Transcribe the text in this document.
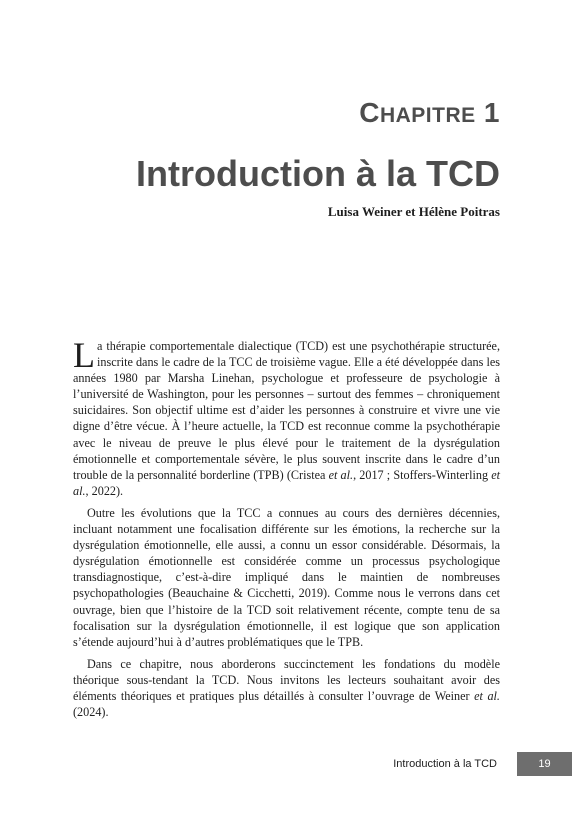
CHAPITRE 1
Introduction à la TCD
Luisa Weiner et Hélène Poitras

La thérapie comportementale dialectique (TCD) est une psychothérapie structurée, inscrite dans le cadre de la TCC de troisième vague. Elle a été développée dans les années 1980 par Marsha Linehan, psychologue et professeure de psychologie à l’université de Washington, pour les personnes – surtout des femmes – chroniquement suicidaires. Son objectif ultime est d’aider les personnes à construire et vivre une vie digne d’être vécue. À l’heure actuelle, la TCD est reconnue comme la psychothérapie avec le niveau de preuve le plus élevé pour le traitement de la dysrégulation émotionnelle et comportementale sévère, le plus souvent inscrite dans le cadre d’un trouble de la personnalité borderline (TPB) (Cristea et al., 2017 ; Stoffers-Winterling et al., 2022).

Outre les évolutions que la TCC a connues au cours des dernières décennies, incluant notamment une focalisation différente sur les émotions, la recherche sur la dysrégulation émotionnelle, elle aussi, a connu un essor considérable. Désormais, la dysrégulation émotionnelle est considérée comme un processus psychologique transdiagnostique, c’est-à-dire impliqué dans le maintien de nombreuses psychopathologies (Beauchaine & Cicchetti, 2019). Comme nous le verrons dans cet ouvrage, bien que l’histoire de la TCD soit relativement récente, compte tenu de sa focalisation sur la dysrégulation émotionnelle, il est logique que son application s’étende aujourd’hui à d’autres problématiques que le TPB.

Dans ce chapitre, nous aborderons succinctement les fondations du modèle théorique sous-tendant la TCD. Nous invitons les lecteurs souhaitant avoir des éléments théoriques et pratiques plus détaillés à consulter l’ouvrage de Weiner et al. (2024).

Introduction à la TCD	19
